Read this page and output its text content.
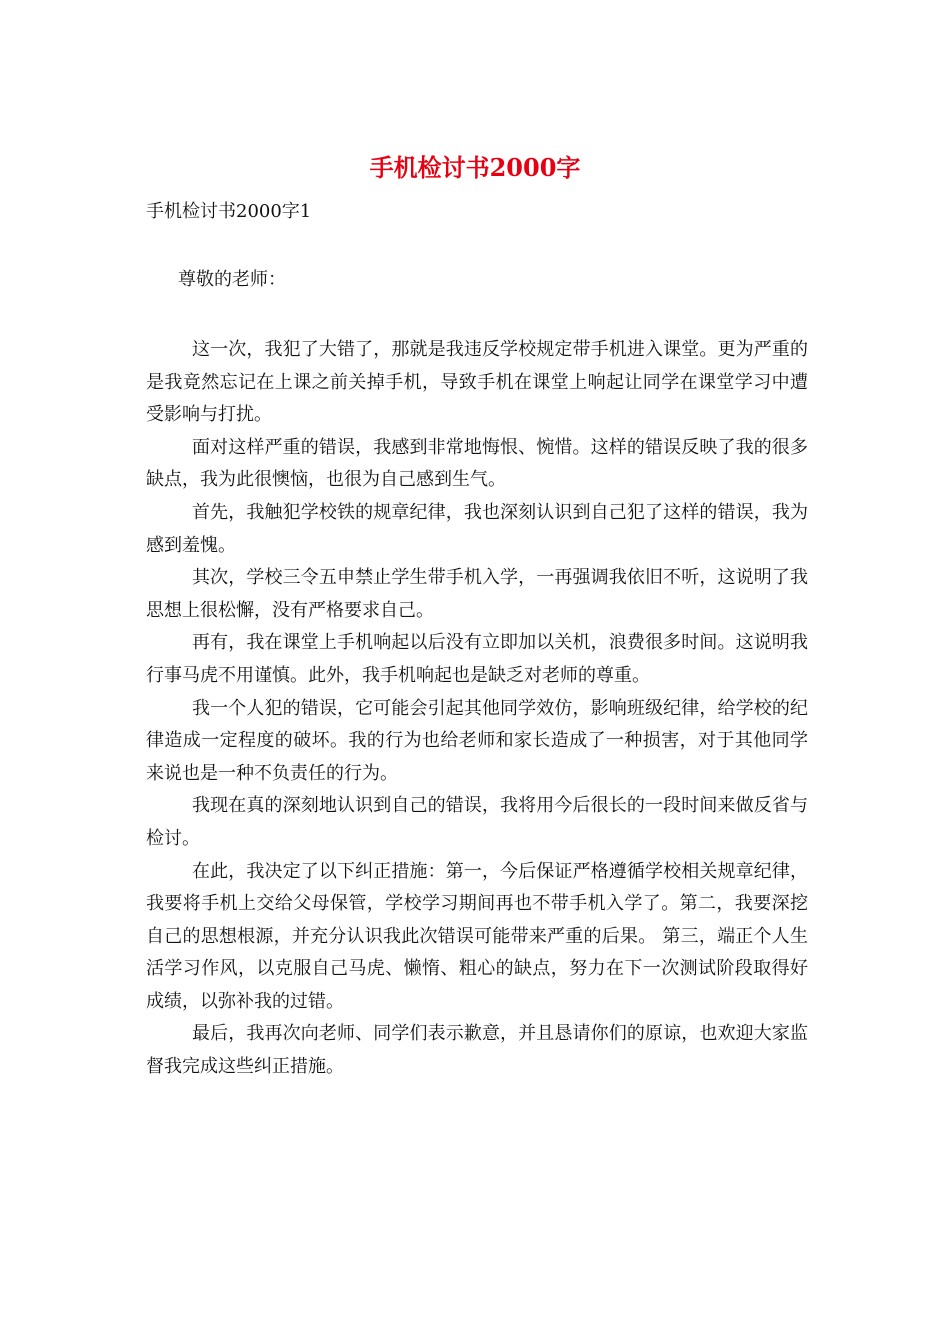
手机检讨书2000字
手机检讨书2000字1
尊敬的老师：

这一次，我犯了大错了，那就是我违反学校规定带手机进入课堂。更为严重的是我竟然忘记在上课之前关掉手机，导致手机在课堂上响起让同学在课堂学习中遭受影响与打扰。

面对这样严重的错误，我感到非常地悔恨、惋惜。这样的错误反映了我的很多缺点，我为此很懊恼，也很为自己感到生气。

首先，我触犯学校铁的规章纪律，我也深刻认识到自己犯了这样的错误，我为感到羞愧。

其次，学校三令五申禁止学生带手机入学，一再强调我依旧不听，这说明了我思想上很松懈，没有严格要求自己。

再有，我在课堂上手机响起以后没有立即加以关机，浪费很多时间。这说明我行事马虎不用谨慎。此外，我手机响起也是缺乏对老师的尊重。

我一个人犯的错误，它可能会引起其他同学效仿，影响班级纪律，给学校的纪律造成一定程度的破坏。我的行为也给老师和家长造成了一种损害，对于其他同学来说也是一种不负责任的行为。

我现在真的深刻地认识到自己的错误，我将用今后很长的一段时间来做反省与检讨。

在此，我决定了以下纠正措施：第一，今后保证严格遵循学校相关规章纪律，我要将手机上交给父母保管，学校学习期间再也不带手机入学了。第二，我要深挖自己的思想根源，并充分认识我此次错误可能带来严重的后果。 第三，端正个人生活学习作风，以克服自己马虎、懒惰、粗心的缺点，努力在下一次测试阶段取得好成绩，以弥补我的过错。

最后，我再次向老师、同学们表示歉意，并且恳请你们的原谅，也欢迎大家监督我完成这些纠正措施。
